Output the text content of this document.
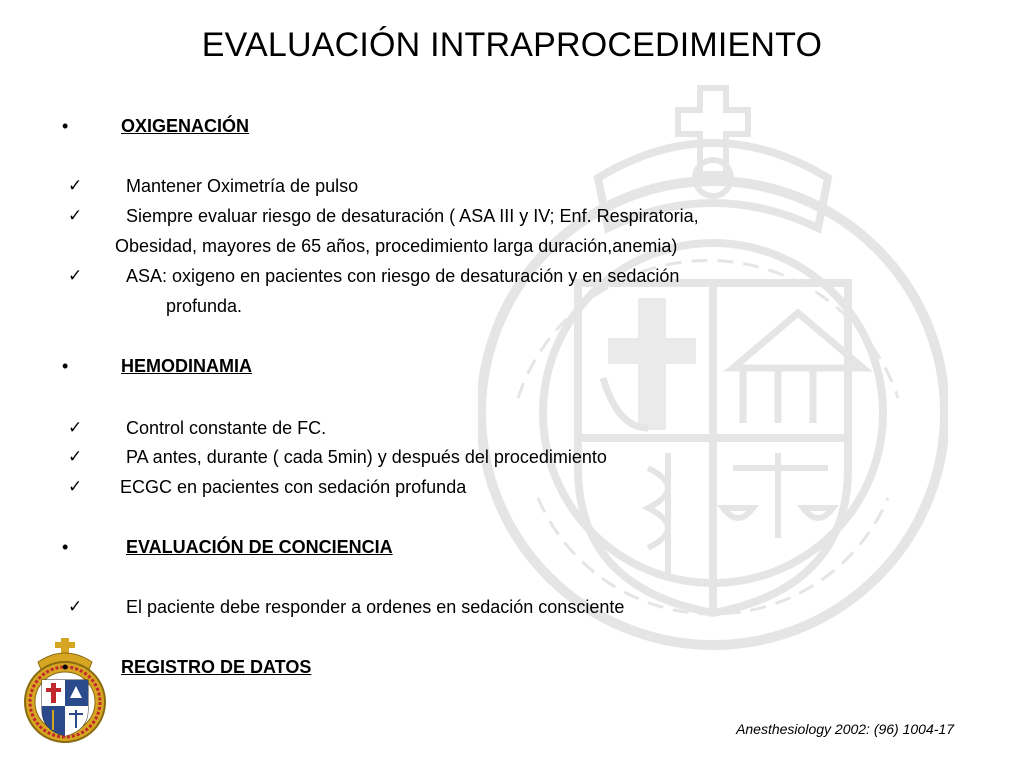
EVALUACIÓN INTRAPROCEDIMIENTO
•	OXIGENACIÓN
✓ Mantener Oximetría de pulso
✓ Siempre evaluar riesgo de desaturación ( ASA III y IV; Enf. Respiratoria,
Obesidad, mayores de 65 años, procedimiento larga duración,anemia)
✓ ASA: oxigeno en pacientes con riesgo de desaturación y en sedación
profunda.
•	HEMODINAMIA
✓ Control constante de FC.
✓ PA antes, durante ( cada 5min) y después del procedimiento
✓ ECGC en pacientes con sedación profunda
•	EVALUACIÓN DE CONCIENCIA
✓ El paciente debe responder a ordenes en sedación consciente
•	REGISTRO DE DATOS
Anesthesiology 2002: (96) 1004-17
